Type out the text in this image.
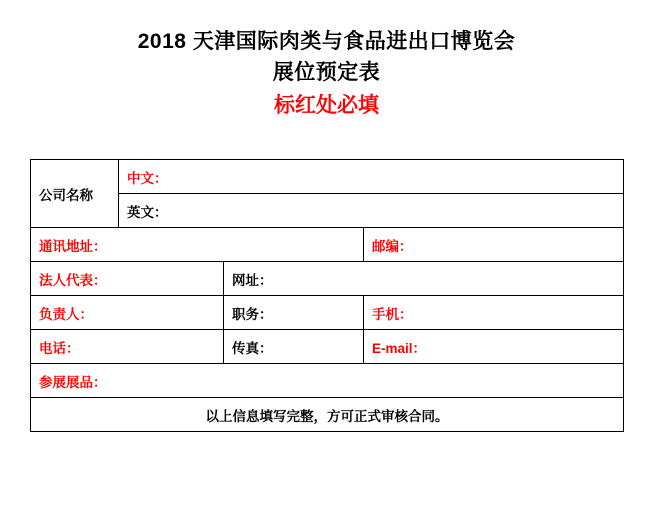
2018 天津国际肉类与食品进出口博览会
展位预定表
标红处必填
公司名称	中文：		
	英文：		
通讯地址：			邮编：
法人代表：		网址：	
负责人：		职务：	手机：
电话：		传真：	E-mail：
参展展品：			
以上信息填写完整，方可正式审核合同。			
